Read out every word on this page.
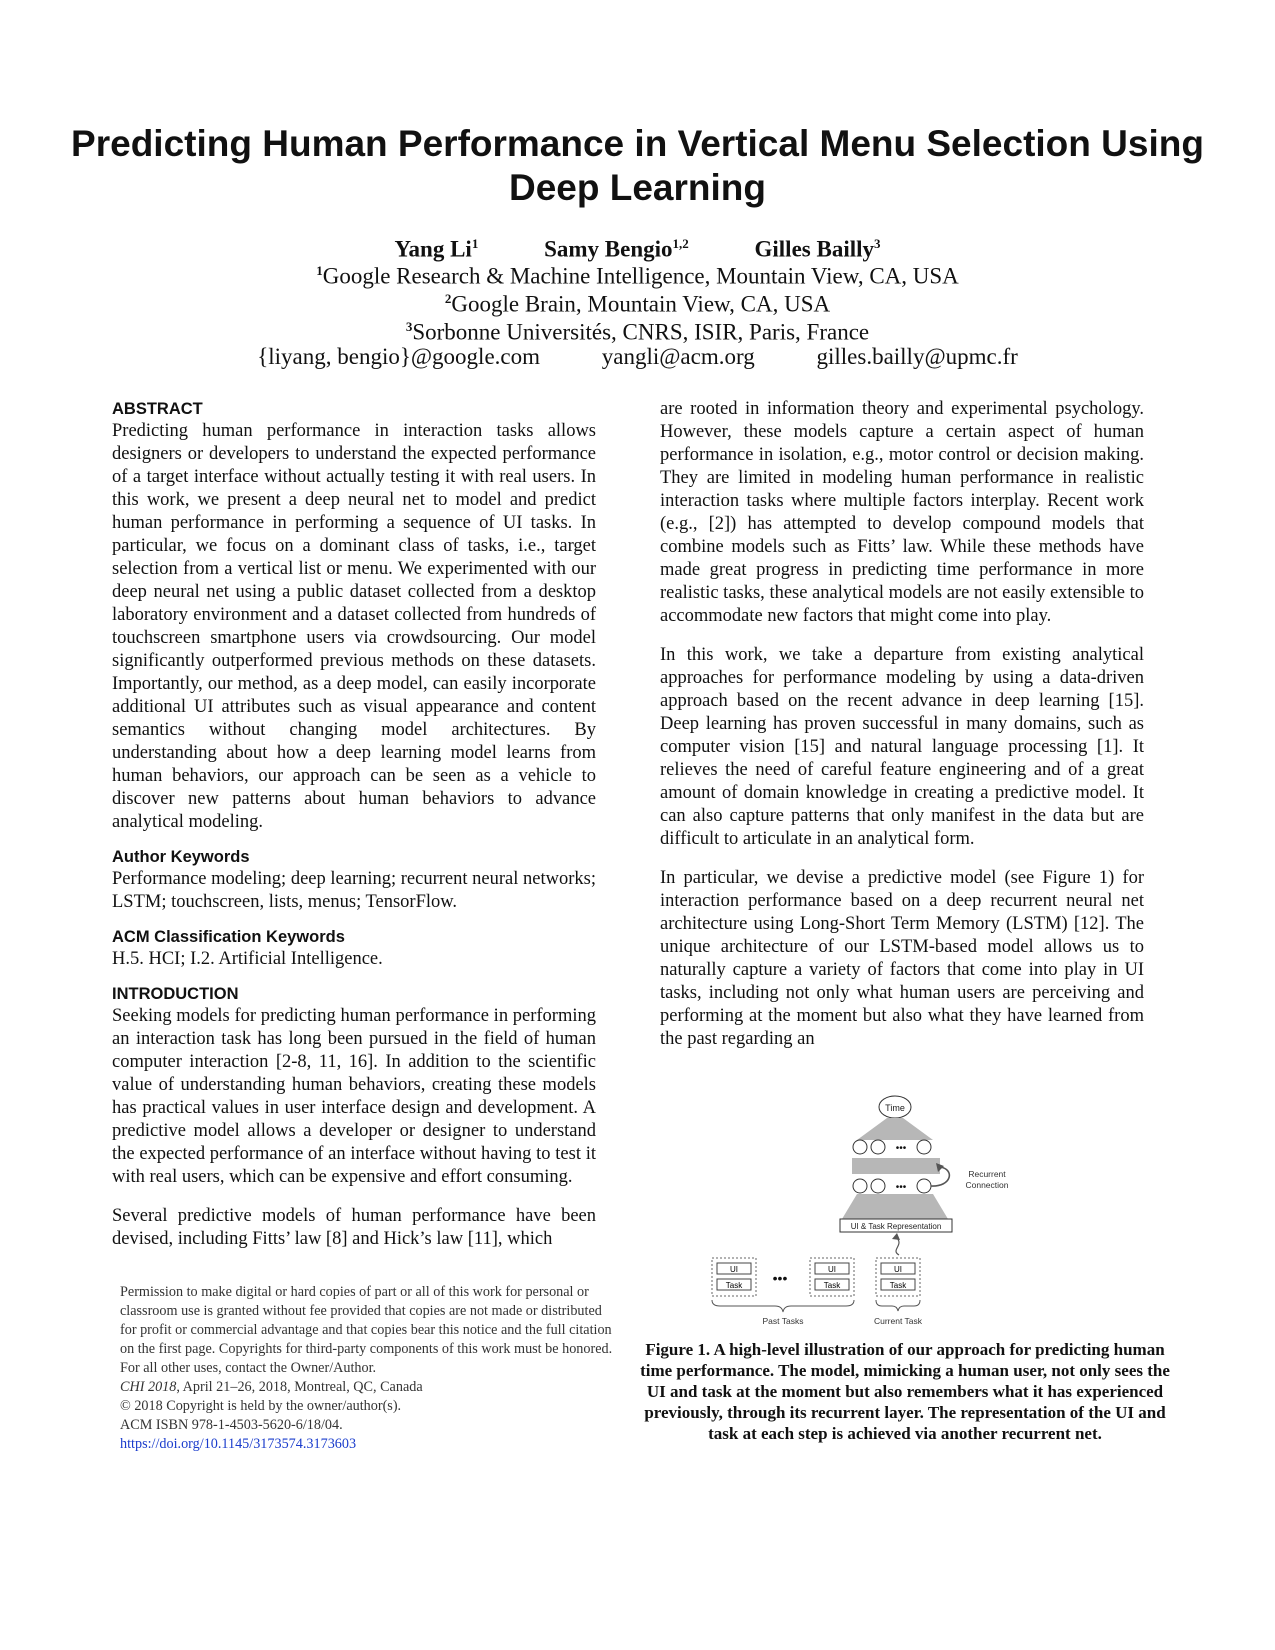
Predicting Human Performance in Vertical Menu Selection Using Deep Learning
Yang Li$^1$	Samy Bengio$^{1,2}$	Gilles Bailly$^3$
$^1$Google Research & Machine Intelligence, Mountain View, CA, USA
$^2$Google Brain, Mountain View, CA, USA
$^3$Sorbonne Universités, CNRS, ISIR, Paris, France
{liyang, bengio}@google.com	yangli@acm.org	gilles.bailly@upmc.fr
ABSTRACT

Predicting human performance in interaction tasks allows designers or developers to understand the expected performance of a target interface without actually testing it with real users. In this work, we present a deep neural net to model and predict human performance in performing a sequence of UI tasks. In particular, we focus on a dominant class of tasks, i.e., target selection from a vertical list or menu. We experimented with our deep neural net using a public dataset collected from a desktop laboratory environment and a dataset collected from hundreds of touchscreen smartphone users via crowdsourcing. Our model significantly outperformed previous methods on these datasets. Importantly, our method, as a deep model, can easily incorporate additional UI attributes such as visual appearance and content semantics without changing model architectures. By understanding about how a deep learning model learns from human behaviors, our approach can be seen as a vehicle to discover new patterns about human behaviors to advance analytical modeling.

Author Keywords

Performance modeling; deep learning; recurrent neural networks; LSTM; touchscreen, lists, menus; TensorFlow.

ACM Classification Keywords

H.5. HCI; I.2. Artificial Intelligence.

INTRODUCTION

Seeking models for predicting human performance in performing an interaction task has long been pursued in the field of human computer interaction [2-8, 11, 16]. In addition to the scientific value of understanding human behaviors, creating these models has practical values in user interface design and development. A predictive model allows a developer or designer to understand the expected performance of an interface without having to test it with real users, which can be expensive and effort consuming.

Several predictive models of human performance have been devised, including Fitts’ law [8] and Hick’s law [11], which

are rooted in information theory and experimental psychology. However, these models capture a certain aspect of human performance in isolation, e.g., motor control or decision making. They are limited in modeling human performance in realistic interaction tasks where multiple factors interplay. Recent work (e.g., [2]) has attempted to develop compound models that combine models such as Fitts’ law. While these methods have made great progress in predicting time performance in more realistic tasks, these analytical models are not easily extensible to accommodate new factors that might come into play.

In this work, we take a departure from existing analytical approaches for performance modeling by using a data-driven approach based on the recent advance in deep learning [15]. Deep learning has proven successful in many domains, such as computer vision [15] and natural language processing [1]. It relieves the need of careful feature engineering and of a great amount of domain knowledge in creating a predictive model. It can also capture patterns that only manifest in the data but are difficult to articulate in an analytical form.

In particular, we devise a predictive model (see Figure 1) for interaction performance based on a deep recurrent neural net architecture using Long-Short Term Memory (LSTM) [12]. The unique architecture of our LSTM-based model allows us to naturally capture a variety of factors that come into play in UI tasks, including not only what human users are perceiving and performing at the moment but also what they have learned from the past regarding an

Permission to make digital or hard copies of part or all of this work for personal or classroom use is granted without fee provided that copies are not made or distributed for profit or commercial advantage and that copies bear this notice and the full citation on the first page. Copyrights for third-party components of this work must be honored. For all other uses, contact the Owner/Author.

CHI 2018, April 21–26, 2018, Montreal, QC, Canada

© 2018 Copyright is held by the owner/author(s).

ACM ISBN 978-1-4503-5620-6/18/04.

https://doi.org/10.1145/3173574.3173603

Time
•••
•••
Recurrent
Connection
UI & Task Representation
UI
Task •••
UI
Task
UI
Task
Past Tasks	Current Task
Figure 1. A high-level illustration of our approach for predicting human time performance. The model, mimicking a human user, not only sees the UI and task at the moment but also remembers what it has experienced previously, through its recurrent layer. The representation of the UI and task at each step is achieved via another recurrent net.
